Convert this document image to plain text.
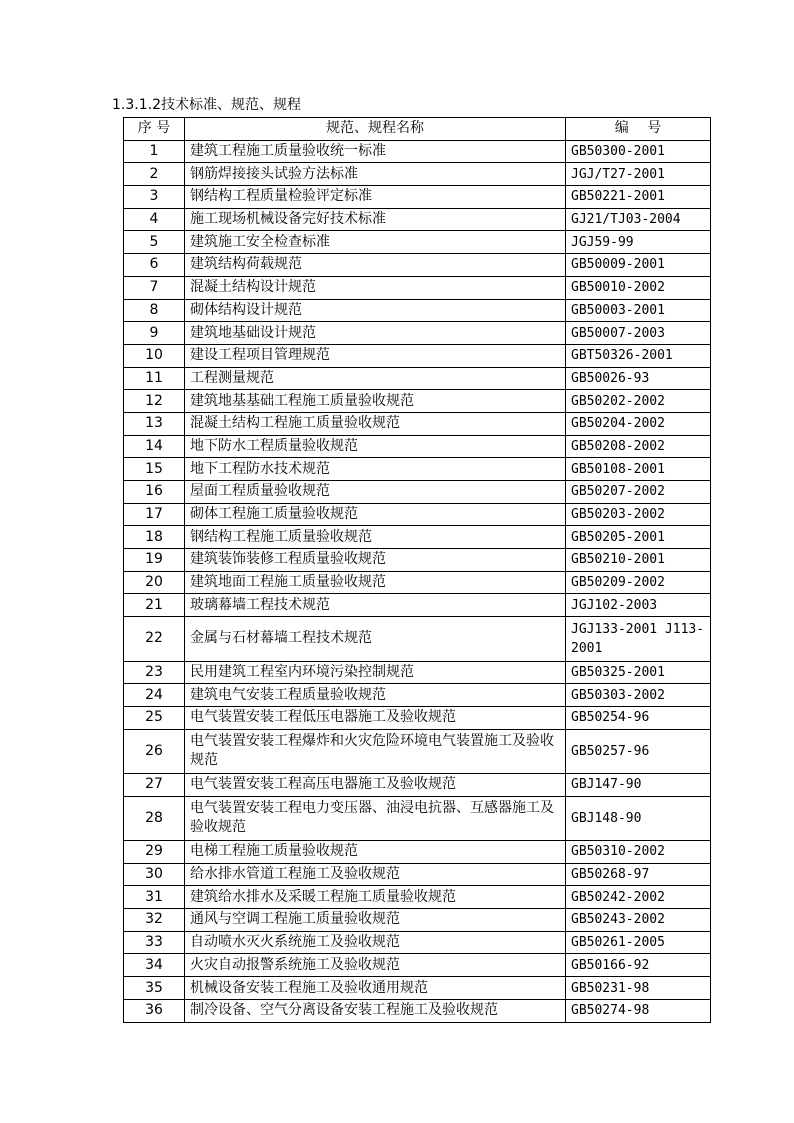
1.3.1.2技术标准、规范、规程
序 号	规范、规程名称	编　 号
1	建筑工程施工质量验收统一标准	GB50300-2001
2	钢筋焊接接头试验方法标准	JGJ/T27-2001
3	钢结构工程质量检验评定标准	GB50221-2001
4	施工现场机械设备完好技术标准	GJ21/TJ03-2004
5	建筑施工安全检查标准	JGJ59-99
6	建筑结构荷载规范	GB50009-2001
7	混凝土结构设计规范	GB50010-2002
8	砌体结构设计规范	GB50003-2001
9	建筑地基础设计规范	GB50007-2003
10	建设工程项目管理规范	GBT50326-2001
11	工程测量规范	GB50026-93
12	建筑地基基础工程施工质量验收规范	GB50202-2002
13	混凝土结构工程施工质量验收规范	GB50204-2002
14	地下防水工程质量验收规范	GB50208-2002
15	地下工程防水技术规范	GB50108-2001
16	屋面工程质量验收规范	GB50207-2002
17	砌体工程施工质量验收规范	GB50203-2002
18	钢结构工程施工质量验收规范	GB50205-2001
19	建筑装饰装修工程质量验收规范	GB50210-2001
20	建筑地面工程施工质量验收规范	GB50209-2002
21	玻璃幕墙工程技术规范	JGJ102-2003
22	金属与石材幕墙工程技术规范	JGJ133-2001 J113-2001
23	民用建筑工程室内环境污染控制规范	GB50325-2001
24	建筑电气安装工程质量验收规范	GB50303-2002
25	电气装置安装工程低压电器施工及验收规范	GB50254-96
26	电气装置安装工程爆炸和火灾危险环境电气装置施工及验收规范	GB50257-96
27	电气装置安装工程高压电器施工及验收规范	GBJ147-90
28	电气装置安装工程电力变压器、油浸电抗器、互感器施工及验收规范	GBJ148-90
29	电梯工程施工质量验收规范	GB50310-2002
30	给水排水管道工程施工及验收规范	GB50268-97
31	建筑给水排水及采暖工程施工质量验收规范	GB50242-2002
32	通风与空调工程施工质量验收规范	GB50243-2002
33	自动喷水灭火系统施工及验收规范	GB50261-2005
34	火灾自动报警系统施工及验收规范	GB50166-92
35	机械设备安装工程施工及验收通用规范	GB50231-98
36	制冷设备、空气分离设备安装工程施工及验收规范	GB50274-98
